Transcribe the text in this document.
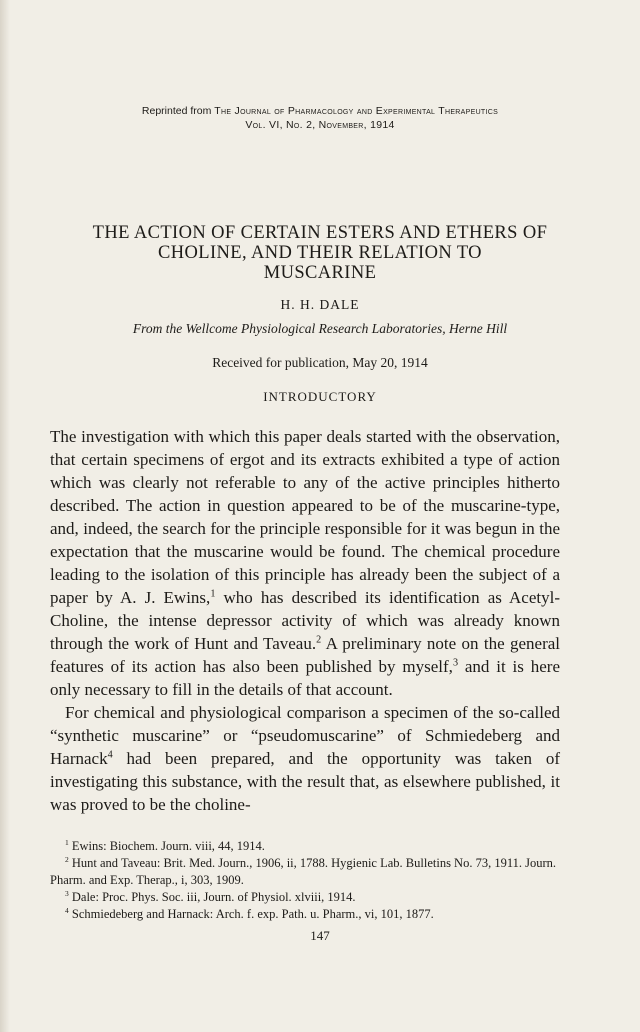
Reprinted from The Journal of Pharmacology and Experimental Therapeutics
Vol. VI, No. 2, November, 1914
THE ACTION OF CERTAIN ESTERS AND ETHERS OF
CHOLINE, AND THEIR RELATION TO
MUSCARINE
H. H. DALE
From the Wellcome Physiological Research Laboratories, Herne Hill
Received for publication, May 20, 1914
INTRODUCTORY

The investigation with which this paper deals started with the observation, that certain specimens of ergot and its extracts exhibited a type of action which was clearly not referable to any of the active principles hitherto described. The action in question appeared to be of the muscarine-type, and, indeed, the search for the principle responsible for it was begun in the expectation that the muscarine would be found. The chemical procedure leading to the isolation of this principle has already been the subject of a paper by A. J. Ewins,$^1$ who has described its identification as Acetyl-Choline, the intense depressor activity of which was already known through the work of Hunt and Taveau.$^2$ A preliminary note on the general features of its action has also been published by myself,$^3$ and it is here only necessary to fill in the details of that account.

For chemical and physiological comparison a specimen of the so-called “synthetic muscarine” or “pseudomuscarine” of Schmiedeberg and Harnack$^4$ had been prepared, and the opportunity was taken of investigating this substance, with the result that, as elsewhere published, it was proved to be the choline-

$^1$ Ewins: Biochem. Journ. viii, 44, 1914.

$^2$ Hunt and Taveau: Brit. Med. Journ., 1906, ii, 1788. Hygienic Lab. Bulletins No. 73, 1911. Journ. Pharm. and Exp. Therap., i, 303, 1909.

$^3$ Dale: Proc. Phys. Soc. iii, Journ. of Physiol. xlviii, 1914.

$^4$ Schmiedeberg and Harnack: Arch. f. exp. Path. u. Pharm., vi, 101, 1877.

147
